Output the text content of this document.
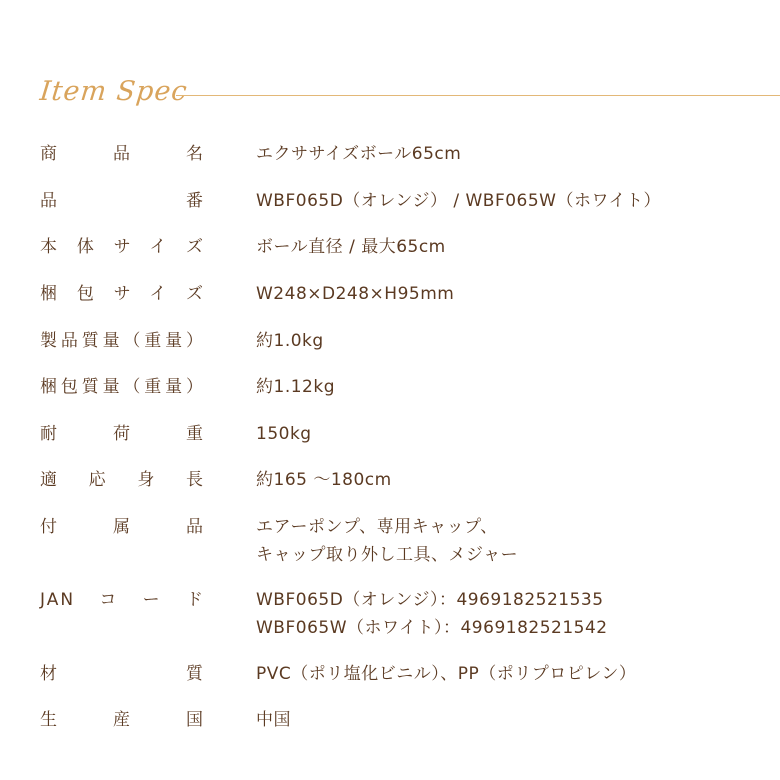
Item Spec
商品名	エクササイズボール65cm
品番	WBF065D（オレンジ） / WBF065W（ホワイト）
本体サイズ	ボール直径 / 最大65cm
梱包サイズ	W248×D248×H95mm
製品質量（重量）	約1.0kg
梱包質量（重量）	約1.12kg
耐荷重	150kg
適応身長	約165 ～180cm
付属品	エアーポンプ、専用キャップ、
キャップ取り外し工具、メジャー
JANコード	WBF065D（オレンジ）：4969182521535
WBF065W（ホワイト）：4969182521542
材質	PVC（ポリ塩化ビニル）、PP（ポリプロピレン）
生産国	中国
